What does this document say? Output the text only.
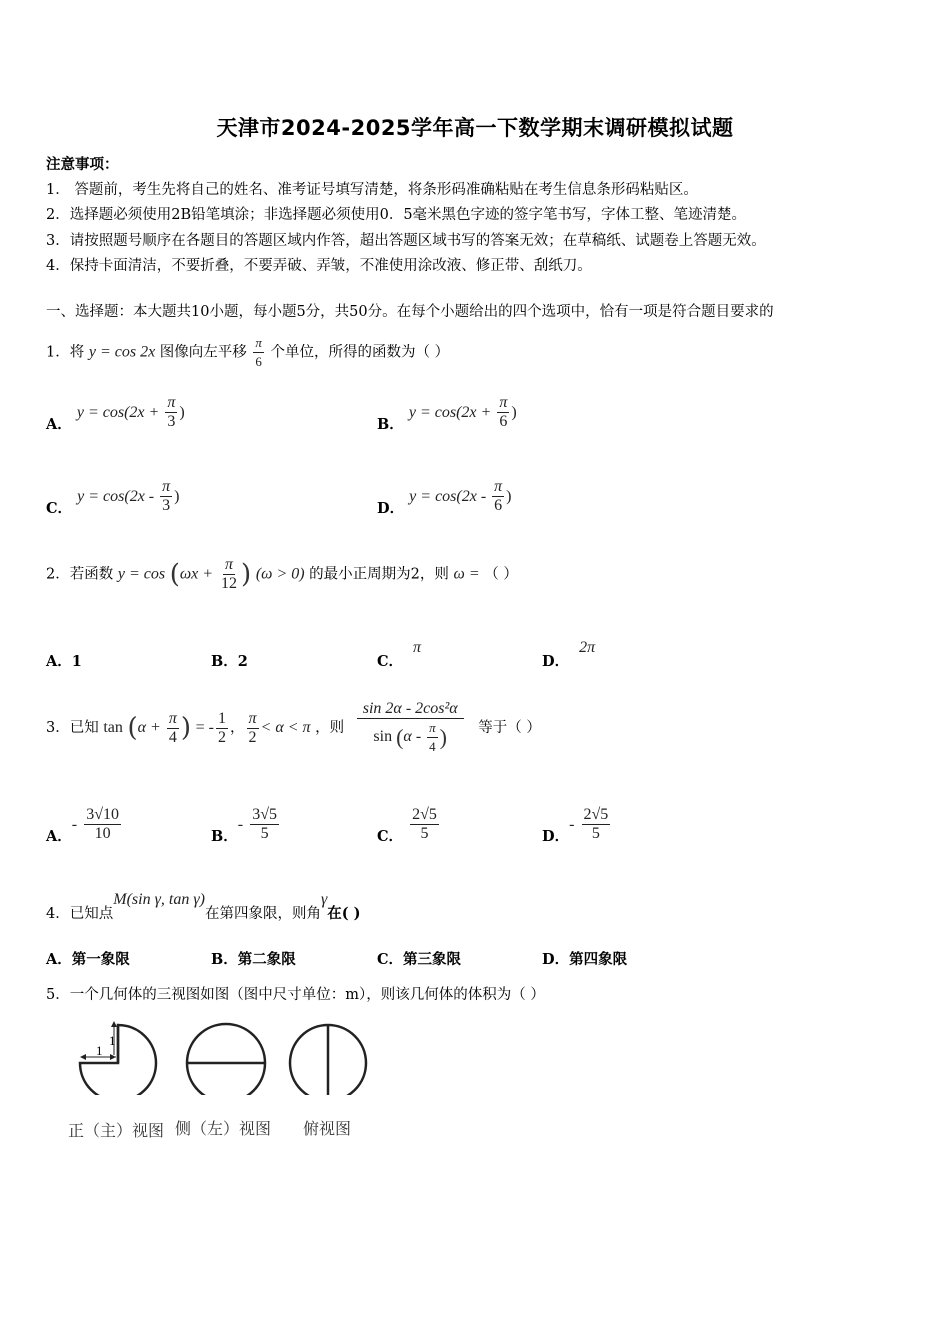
天津市2024-2025学年高一下数学期末调研模拟试题
注意事项：
1． 答题前，考生先将自己的姓名、准考证号填写清楚，将条形码准确粘贴在考生信息条形码粘贴区。
2．选择题必须使用2B铅笔填涂；非选择题必须使用0．5毫米黑色字迹的签字笔书写，字体工整、笔迹清楚。
3．请按照题号顺序在各题目的答题区域内作答，超出答题区域书写的答案无效；在草稿纸、试题卷上答题无效。
4．保持卡面清洁，不要折叠，不要弄破、弄皱，不准使用涂改液、修正带、刮纸刀。
一、选择题：本大题共10小题，每小题5分，共50分。在每个小题给出的四个选项中，恰有一项是符合题目要求的
1．将 y = cos 2x 图像向左平移 $\frac{\pi}{6}$ 个单位，所得的函数为（ ）
A． $y = \cos(2x + \frac{\pi}{3}$ )
B． $y = \cos(2x + \frac{\pi}{6}$ )
C． $y = \cos(2x - \frac{\pi}{3}$ )
D． $y = \cos(2x - \frac{\pi}{6}$ )
2．若函数 $y = \cos (\omega x + \frac{\pi}{12}$ ) (ω > 0) 的最小正周期为2，则 ω = （ ）
A．1	B．2	C．π
D．2π
3．已知 $\tan (\alpha + \frac{\pi}{4}$ ) = - $\frac{1}{2}$ ， $\frac{\pi}{2} < \alpha < \pi$ ，则 $\frac{\text{sin 2α - 2cos²α}}{\sin (\alpha - \frac{\pi}{4} )}$ 等于（ ）
A．- $\frac{3√10}{10}$	B．- $\frac{3√5}{5}$	C． $\frac{2√5}{5}$	D．- $\frac{2√5}{5}$
4．已知点M(sin γ, tan γ)在第四象限，则角γ在( )
A．第一象限	B．第二象限	C．第三象限	D．第四象限
5．一个几何体的三视图如图（图中尺寸单位：m），则该几何体的体积为（ ）
1
1
正（主）视图 侧（左）视图 俯视图
